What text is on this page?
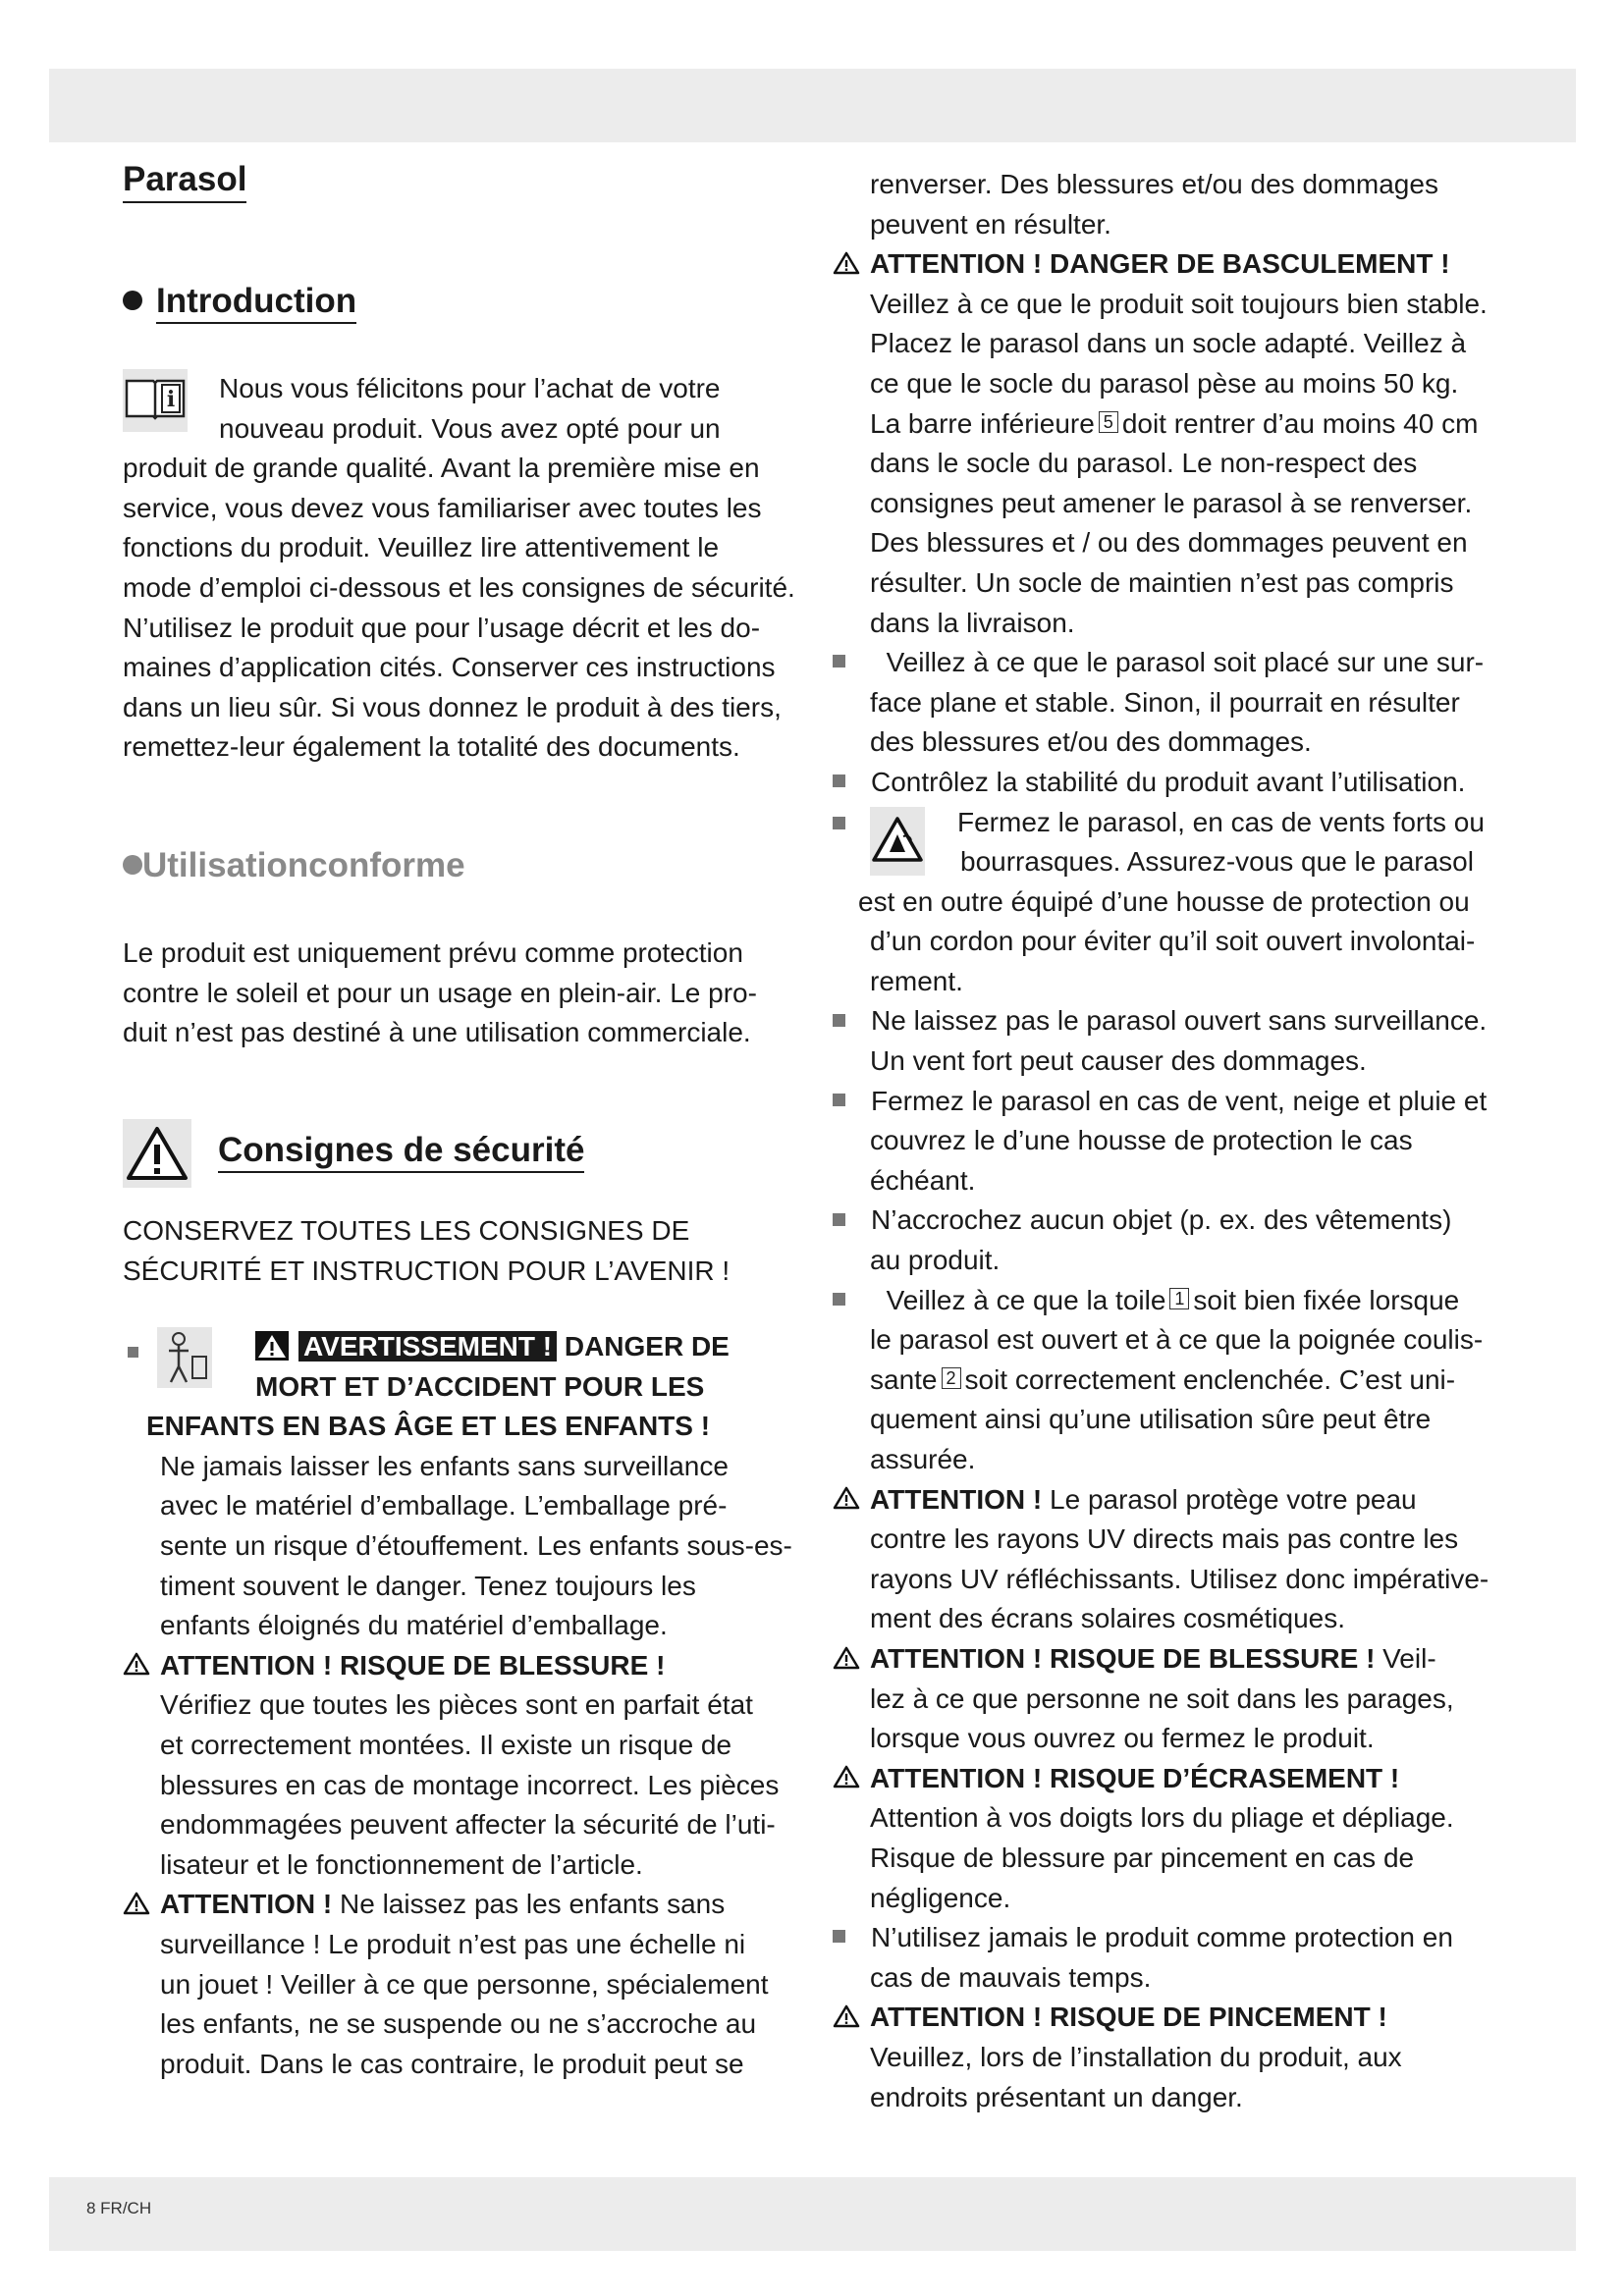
8 FR/CH
Parasol
Introduction
i	Nous vous félicitons pour l’achat de votre

nouveau produit. Vous avez opté pour un

produit de grande qualité. Avant la première mise en

service, vous devez vous familiariser avec toutes les

fonctions du produit. Veuillez lire attentivement le

mode d’emploi ci-dessous et les consignes de sécurité.

N’utilisez le produit que pour l’usage décrit et les do-

maines d’application cités. Conserver ces instructions

dans un lieu sûr. Si vous donnez le produit à des tiers,

remettez-leur également la totalité des documents.

Utilisationconforme

Le produit est uniquement prévu comme protection

contre le soleil et pour un usage en plein-air. Le pro-

duit n’est pas destiné à une utilisation commerciale.

Consignes de sécurité

CONSERVEZ TOUTES LES CONSIGNES DE

SÉCURITÉ ET INSTRUCTION POUR L’AVENIR !

AVERTISSEMENT ! DANGER DE

MORT ET D’ACCIDENT POUR LES

ENFANTS EN BAS ÂGE ET LES ENFANTS !

Ne jamais laisser les enfants sans surveillance

avec le matériel d’emballage. L’emballage pré-

sente un risque d’étouffement. Les enfants sous-es-

timent souvent le danger. Tenez toujours les

enfants éloignés du matériel d’emballage.

ATTENTION ! RISQUE DE BLESSURE !

Vérifiez que toutes les pièces sont en parfait état

et correctement montées. Il existe un risque de

blessures en cas de montage incorrect. Les pièces

endommagées peuvent affecter la sécurité de l’uti-

lisateur et le fonctionnement de l’article.

ATTENTION ! Ne laissez pas les enfants sans

surveillance ! Le produit n’est pas une échelle ni

un jouet ! Veiller à ce que personne, spécialement

les enfants, ne se suspende ou ne s’accroche au

produit. Dans le cas contraire, le produit peut se

renverser. Des blessures et/ou des dommages

peuvent en résulter.

ATTENTION ! DANGER DE BASCULEMENT !

Veillez à ce que le produit soit toujours bien stable.

Placez le parasol dans un socle adapté. Veillez à

ce que le socle du parasol pèse au moins 50 kg.

La barre inférieure 5 doit rentrer d’au moins 40 cm

dans le socle du parasol. Le non-respect des

consignes peut amener le parasol à se renverser.

Des blessures et / ou des dommages peuvent en

résulter. Un socle de maintien n’est pas compris

dans la livraison.

Veillez à ce que le parasol soit placé sur une sur-

face plane et stable. Sinon, il pourrait en résulter

des blessures et/ou des dommages.

Contrôlez la stabilité du produit avant l’utilisation.

Fermez le parasol, en cas de vents forts ou

bourrasques. Assurez-vous que le parasol

est en outre équipé d’une housse de protection ou

d’un cordon pour éviter qu’il soit ouvert involontai-

rement.

Ne laissez pas le parasol ouvert sans surveillance.

Un vent fort peut causer des dommages.

Fermez le parasol en cas de vent, neige et pluie et

couvrez le d’une housse de protection le cas

échéant.

N’accrochez aucun objet (p. ex. des vêtements)

au produit.

Veillez à ce que la toile 1 soit bien fixée lorsque

le parasol est ouvert et à ce que la poignée coulis-

sante 2 soit correctement enclenchée. C’est uni-

quement ainsi qu’une utilisation sûre peut être

assurée.

ATTENTION ! Le parasol protège votre peau

contre les rayons UV directs mais pas contre les

rayons UV réfléchissants. Utilisez donc impérative-

ment des écrans solaires cosmétiques.

ATTENTION ! RISQUE DE BLESSURE ! Veil-

lez à ce que personne ne soit dans les parages,

lorsque vous ouvrez ou fermez le produit.

ATTENTION ! RISQUE D’ÉCRASEMENT !

Attention à vos doigts lors du pliage et dépliage.

Risque de blessure par pincement en cas de

négligence.

N’utilisez jamais le produit comme protection en

cas de mauvais temps.

ATTENTION ! RISQUE DE PINCEMENT !

Veuillez, lors de l’installation du produit, aux

endroits présentant un danger.
